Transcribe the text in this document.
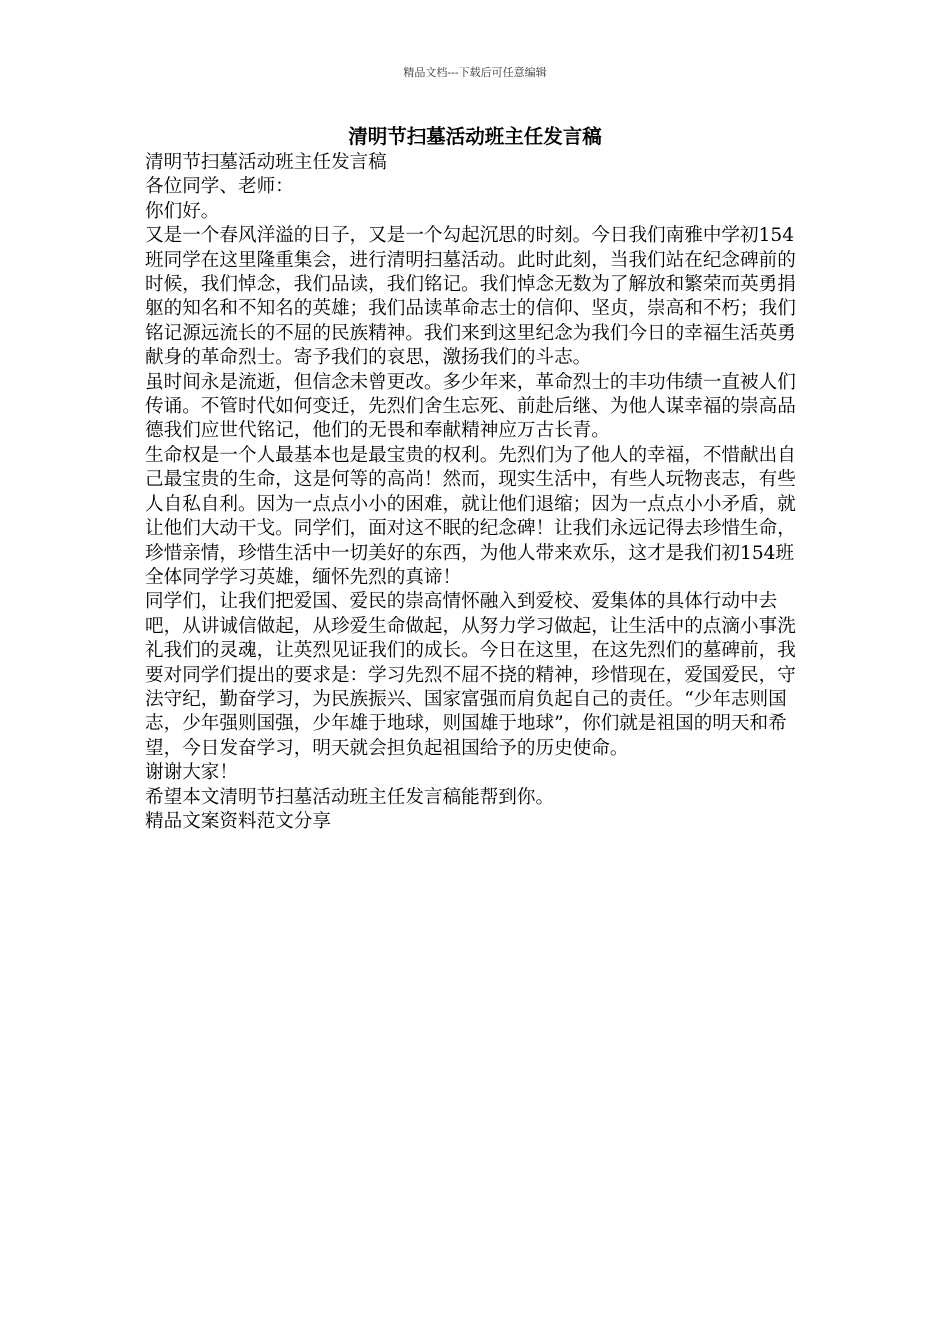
精品文档---下载后可任意编辑
清明节扫墓活动班主任发言稿

清明节扫墓活动班主任发言稿

各位同学、老师：

你们好。

又是一个春风洋溢的日子，又是一个勾起沉思的时刻。今日我们南雅中学初154班同学在这里隆重集会，进行清明扫墓活动。此时此刻，当我们站在纪念碑前的时候，我们悼念，我们品读，我们铭记。我们悼念无数为了解放和繁荣而英勇捐躯的知名和不知名的英雄；我们品读革命志士的信仰、坚贞，崇高和不朽；我们铭记源远流长的不屈的民族精神。我们来到这里纪念为我们今日的幸福生活英勇献身的革命烈士。寄予我们的哀思，激扬我们的斗志。

虽时间永是流逝，但信念未曾更改。多少年来，革命烈士的丰功伟绩一直被人们传诵。不管时代如何变迁，先烈们舍生忘死、前赴后继、为他人谋幸福的崇高品德我们应世代铭记，他们的无畏和奉献精神应万古长青。

生命权是一个人最基本也是最宝贵的权利。先烈们为了他人的幸福，不惜献出自己最宝贵的生命，这是何等的高尚！然而，现实生活中，有些人玩物丧志，有些人自私自利。因为一点点小小的困难，就让他们退缩；因为一点点小小矛盾，就让他们大动干戈。同学们，面对这不眠的纪念碑！让我们永远记得去珍惜生命，珍惜亲情，珍惜生活中一切美好的东西，为他人带来欢乐，这才是我们初154班全体同学学习英雄，缅怀先烈的真谛！

同学们，让我们把爱国、爱民的崇高情怀融入到爱校、爱集体的具体行动中去吧，从讲诚信做起，从珍爱生命做起，从努力学习做起，让生活中的点滴小事洗礼我们的灵魂，让英烈见证我们的成长。今日在这里，在这先烈们的墓碑前，我要对同学们提出的要求是：学习先烈不屈不挠的精神，珍惜现在，爱国爱民，守法守纪，勤奋学习，为民族振兴、国家富强而肩负起自己的责任。“少年志则国志，少年强则国强，少年雄于地球，则国雄于地球”，你们就是祖国的明天和希望，今日发奋学习，明天就会担负起祖国给予的历史使命。

谢谢大家！

希望本文清明节扫墓活动班主任发言稿能帮到你。

精品文案资料范文分享
